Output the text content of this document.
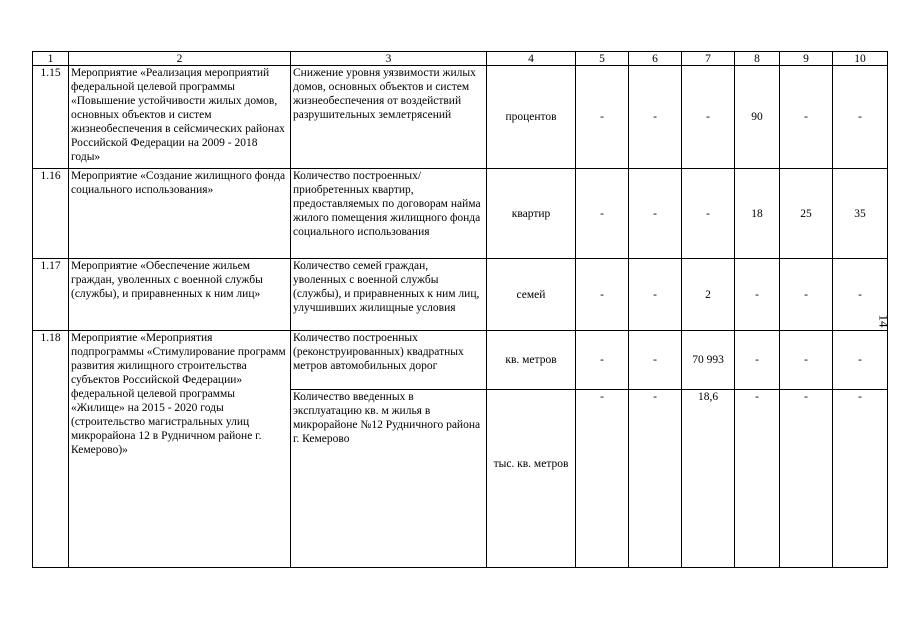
1	2	3	4	5	6	7	8	9	10
1.15	Мероприятие «Реализация мероприятий федеральной целевой программы «Повышение устойчивости жилых домов, основных объектов и систем жизнеобеспечения в сейсмических районах Российской Федерации на 2009 - 2018 годы»	Снижение уровня уязвимости жилых домов, основных объектов и систем жизнеобеспечения от воздействий разрушительных землетрясений	процентов	-	-	-	90	-	-
1.16	Мероприятие «Создание жилищного фонда социального использования»	Количество построенных/ приобретенных квартир, предоставляемых по договорам найма жилого помещения жилищного фонда социального использования	квартир	-	-	-	18	25	35
1.17	Мероприятие «Обеспечение жильем граждан, уволенных с военной службы (службы), и приравненных к ним лиц»	Количество семей граждан, уволенных с военной службы (службы), и приравненных к ним лиц, улучшивших жилищные условия	семей	-	-	2	-	-	-
1.18	Мероприятие «Мероприятия подпрограммы «Стимулирование программ развития жилищного строительства субъектов Российской Федерации» федеральной целевой программы «Жилище» на 2015 - 2020 годы (строительство магистральных улиц микрорайона 12 в Рудничном районе г. Кемерово)»	Количество построенных (реконструированных) квадратных метров автомобильных дорог	кв. метров	-	-	70 993	-	-	-
		Количество введенных в эксплуатацию кв. м жилья в микрорайоне №12 Рудничного района г. Кемерово	тыс. кв. метров	-	-	18,6	-	-	-
14
